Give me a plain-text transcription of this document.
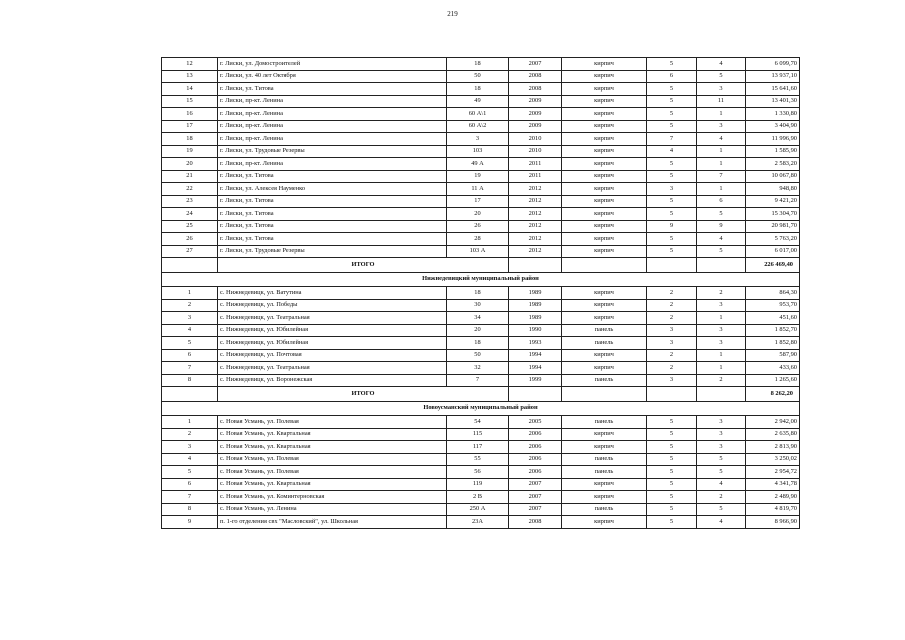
219
12	г. Лиски, ул. Домостроителей	18	2007	кирпич	5	4	6 099,70
13	г. Лиски, ул. 40 лет Октября	50	2008	кирпич	6	5	13 937,10
14	г. Лиски, ул. Титова	18	2008	кирпич	5	3	15 641,60
15	г. Лиски, пр-кт. Ленина	49	2009	кирпич	5	11	13 401,30
16	г. Лиски, пр-кт. Ленина	60 А\1	2009	кирпич	5	1	1 330,80
17	г. Лиски, пр-кт. Ленина	60 А\2	2009	кирпич	5	3	3 404,90
18	г. Лиски, пр-кт. Ленина	3	2010	кирпич	7	4	11 996,90
19	г. Лиски, ул. Трудовые Резервы	103	2010	кирпич	4	1	1 585,90
20	г. Лиски, пр-кт. Ленина	49 А	2011	кирпич	5	1	2 583,20
21	г. Лиски, ул. Титова	19	2011	кирпич	5	7	10 067,80
22	г. Лиски, ул. Алексея Науменко	11 А	2012	кирпич	3	1	948,80
23	г. Лиски, ул. Титова	17	2012	кирпич	5	6	9 421,20
24	г. Лиски, ул. Титова	20	2012	кирпич	5	5	15 304,70
25	г. Лиски, ул. Титова	26	2012	кирпич	9	9	20 981,70
26	г. Лиски, ул. Титова	28	2012	кирпич	5	4	5 763,20
27	г. Лиски, ул. Трудовые Резервы	103 А	2012	кирпич	5	5	6 017,00
	ИТОГО						226 469,40
Нижнедевицкий муниципальный район							
1	с. Нижнедевицк, ул. Ватутина	18	1989	кирпич	2	2	864,30
2	с. Нижнедевицк, ул. Победы	30	1989	кирпич	2	3	953,70
3	с. Нижнедевицк, ул. Театральная	34	1989	кирпич	2	1	451,60
4	с. Нижнедевицк, ул. Юбилейная	20	1990	панель	3	3	1 852,70
5	с. Нижнедевицк, ул. Юбилейная	18	1993	панель	3	3	1 852,80
6	с. Нижнедевицк, ул. Почтовая	50	1994	кирпич	2	1	587,90
7	с. Нижнедевицк, ул. Театральная	32	1994	кирпич	2	1	433,60
8	с. Нижнедевицк, ул. Воронежская	7	1999	панель	3	2	1 265,60
	ИТОГО						8 262,20
Новоусманский муниципальный район							
1	с. Новая Усмань, ул. Полевая	54	2005	панель	5	3	2 942,00
2	с. Новая Усмань, ул. Квартальная	115	2006	кирпич	5	3	2 635,80
3	с. Новая Усмань, ул. Квартальная	117	2006	кирпич	5	3	2 813,90
4	с. Новая Усмань, ул. Полевая	55	2006	панель	5	5	3 250,02
5	с. Новая Усмань, ул. Полевая	56	2006	панель	5	5	2 954,72
6	с. Новая Усмань, ул. Квартальная	119	2007	кирпич	5	4	4 341,78
7	с. Новая Усмань, ул. Коминтерновская	2 В	2007	кирпич	5	2	2 489,90
8	с. Новая Усмань, ул. Ленина	250 А	2007	панель	5	5	4 819,70
9	п. 1-го отделения свх "Масловский", ул. Школьная	23А	2008	кирпич	5	4	8 966,90
